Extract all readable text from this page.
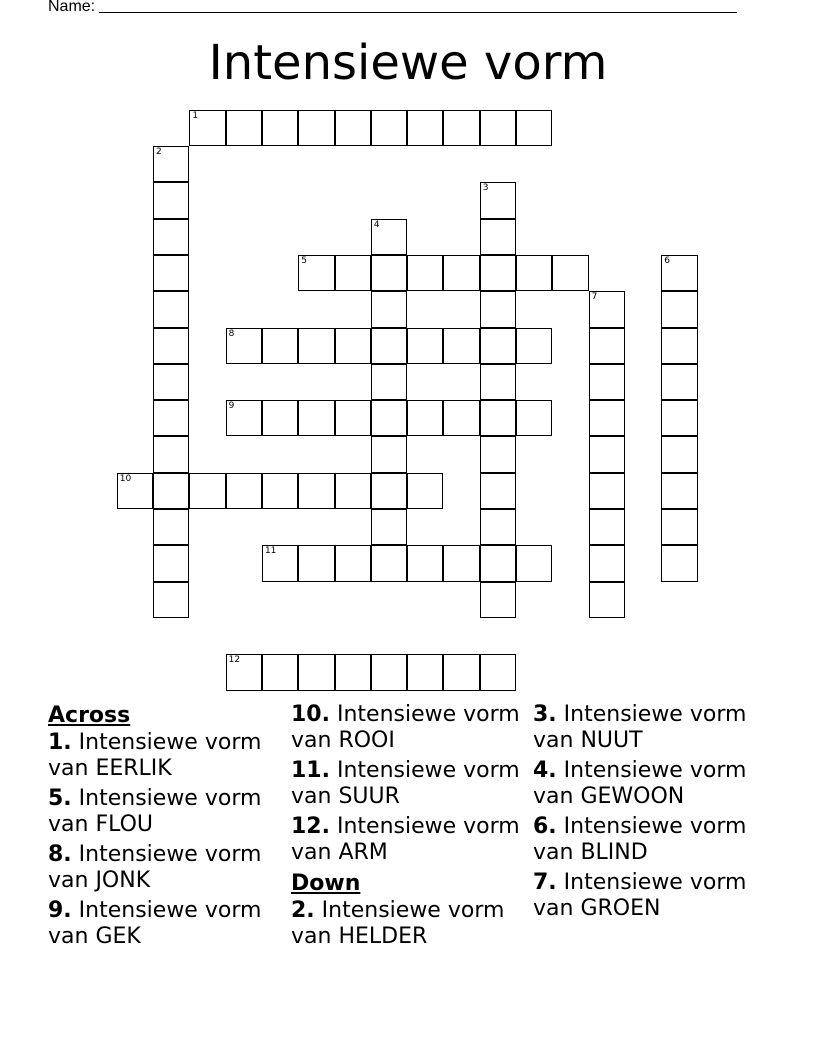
Name:
Intensiewe vorm
1
2
3
4
5	6
7
8
9
10
11
12
Across
1. Intensiewe vorm van EERLIK
5. Intensiewe vorm van FLOU
8. Intensiewe vorm van JONK
9. Intensiewe vorm van GEK
10. Intensiewe vorm van ROOI
11. Intensiewe vorm van SUUR
12. Intensiewe vorm van ARM
Down
2. Intensiewe vorm van HELDER
3. Intensiewe vorm van NUUT
4. Intensiewe vorm van GEWOON
6. Intensiewe vorm van BLIND
7. Intensiewe vorm van GROEN
